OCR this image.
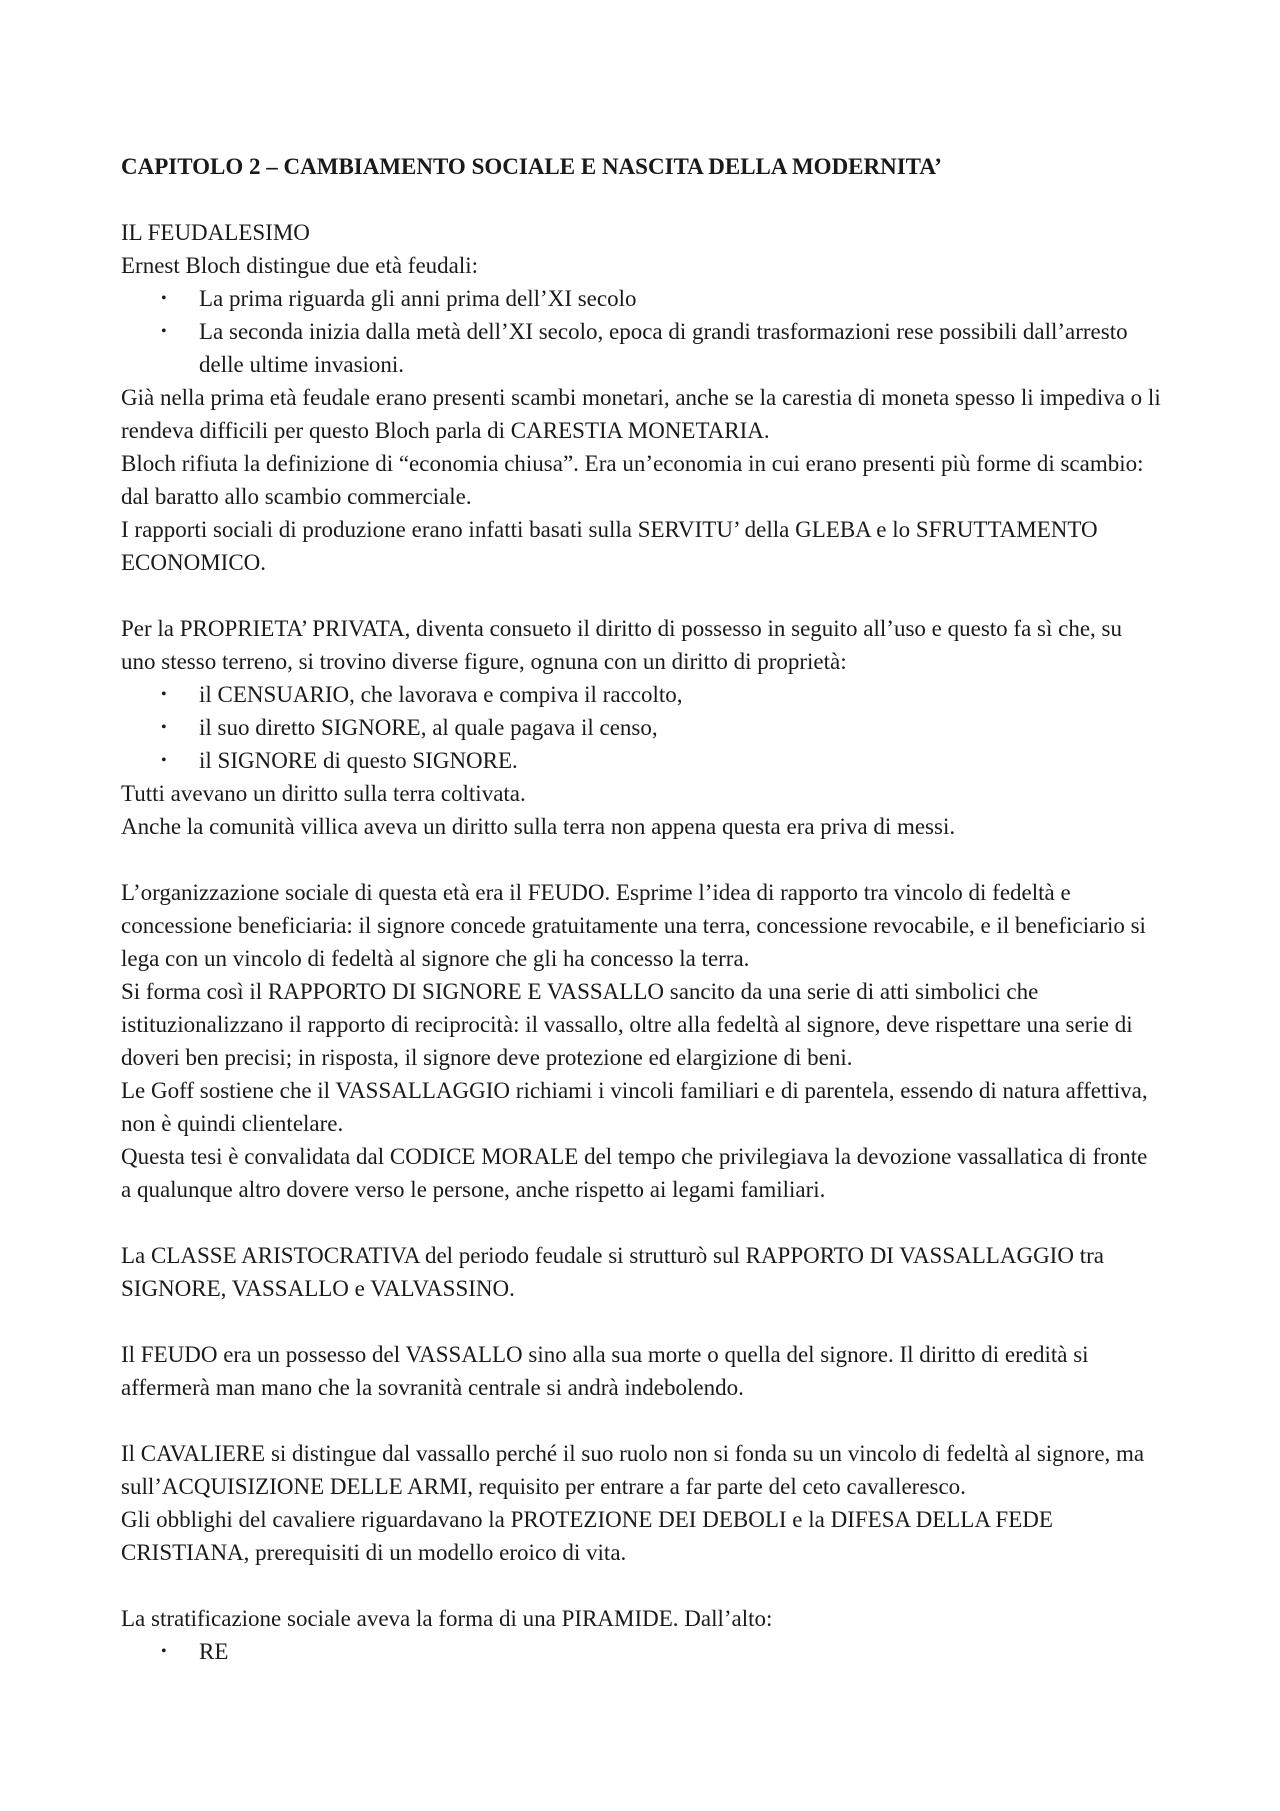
CAPITOLO 2 – CAMBIAMENTO SOCIALE E NASCITA DELLA MODERNITA’

IL FEUDALESIMO

Ernest Bloch distingue due età feudali:

• La prima riguarda gli anni prima dell’XI secolo
• La seconda inizia dalla metà dell’XI secolo, epoca di grandi trasformazioni rese possibili dall’arresto delle ultime invasioni.

Già nella prima età feudale erano presenti scambi monetari, anche se la carestia di moneta spesso li impediva o li rendeva difficili per questo Bloch parla di CARESTIA MONETARIA.

Bloch rifiuta la definizione di “economia chiusa”. Era un’economia in cui erano presenti più forme di scambio: dal baratto allo scambio commerciale.

I rapporti sociali di produzione erano infatti basati sulla SERVITU’ della GLEBA e lo SFRUTTAMENTO ECONOMICO.

Per la PROPRIETA’ PRIVATA, diventa consueto il diritto di possesso in seguito all’uso e questo fa sì che, su uno stesso terreno, si trovino diverse figure, ognuna con un diritto di proprietà:

• il CENSUARIO, che lavorava e compiva il raccolto,
• il suo diretto SIGNORE, al quale pagava il censo,
• il SIGNORE di questo SIGNORE.

Tutti avevano un diritto sulla terra coltivata.

Anche la comunità villica aveva un diritto sulla terra non appena questa era priva di messi.

L’organizzazione sociale di questa età era il FEUDO. Esprime l’idea di rapporto tra vincolo di fedeltà e concessione beneficiaria: il signore concede gratuitamente una terra, concessione revocabile, e il beneficiario si lega con un vincolo di fedeltà al signore che gli ha concesso la terra.

Si forma così il RAPPORTO DI SIGNORE E VASSALLO sancito da una serie di atti simbolici che istituzionalizzano il rapporto di reciprocità: il vassallo, oltre alla fedeltà al signore, deve rispettare una serie di doveri ben precisi; in risposta, il signore deve protezione ed elargizione di beni.

Le Goff sostiene che il VASSALLAGGIO richiami i vincoli familiari e di parentela, essendo di natura affettiva, non è quindi clientelare.

Questa tesi è convalidata dal CODICE MORALE del tempo che privilegiava la devozione vassallatica di fronte a qualunque altro dovere verso le persone, anche rispetto ai legami familiari.

La CLASSE ARISTOCRATIVA del periodo feudale si strutturò sul RAPPORTO DI VASSALLAGGIO tra SIGNORE, VASSALLO e VALVASSINO.

Il FEUDO era un possesso del VASSALLO sino alla sua morte o quella del signore. Il diritto di eredità si affermerà man mano che la sovranità centrale si andrà indebolendo.

Il CAVALIERE si distingue dal vassallo perché il suo ruolo non si fonda su un vincolo di fedeltà al signore, ma sull’ACQUISIZIONE DELLE ARMI, requisito per entrare a far parte del ceto cavalleresco.

Gli obblighi del cavaliere riguardavano la PROTEZIONE DEI DEBOLI e la DIFESA DELLA FEDE CRISTIANA, prerequisiti di un modello eroico di vita.

La stratificazione sociale aveva la forma di una PIRAMIDE. Dall’alto:

• RE
